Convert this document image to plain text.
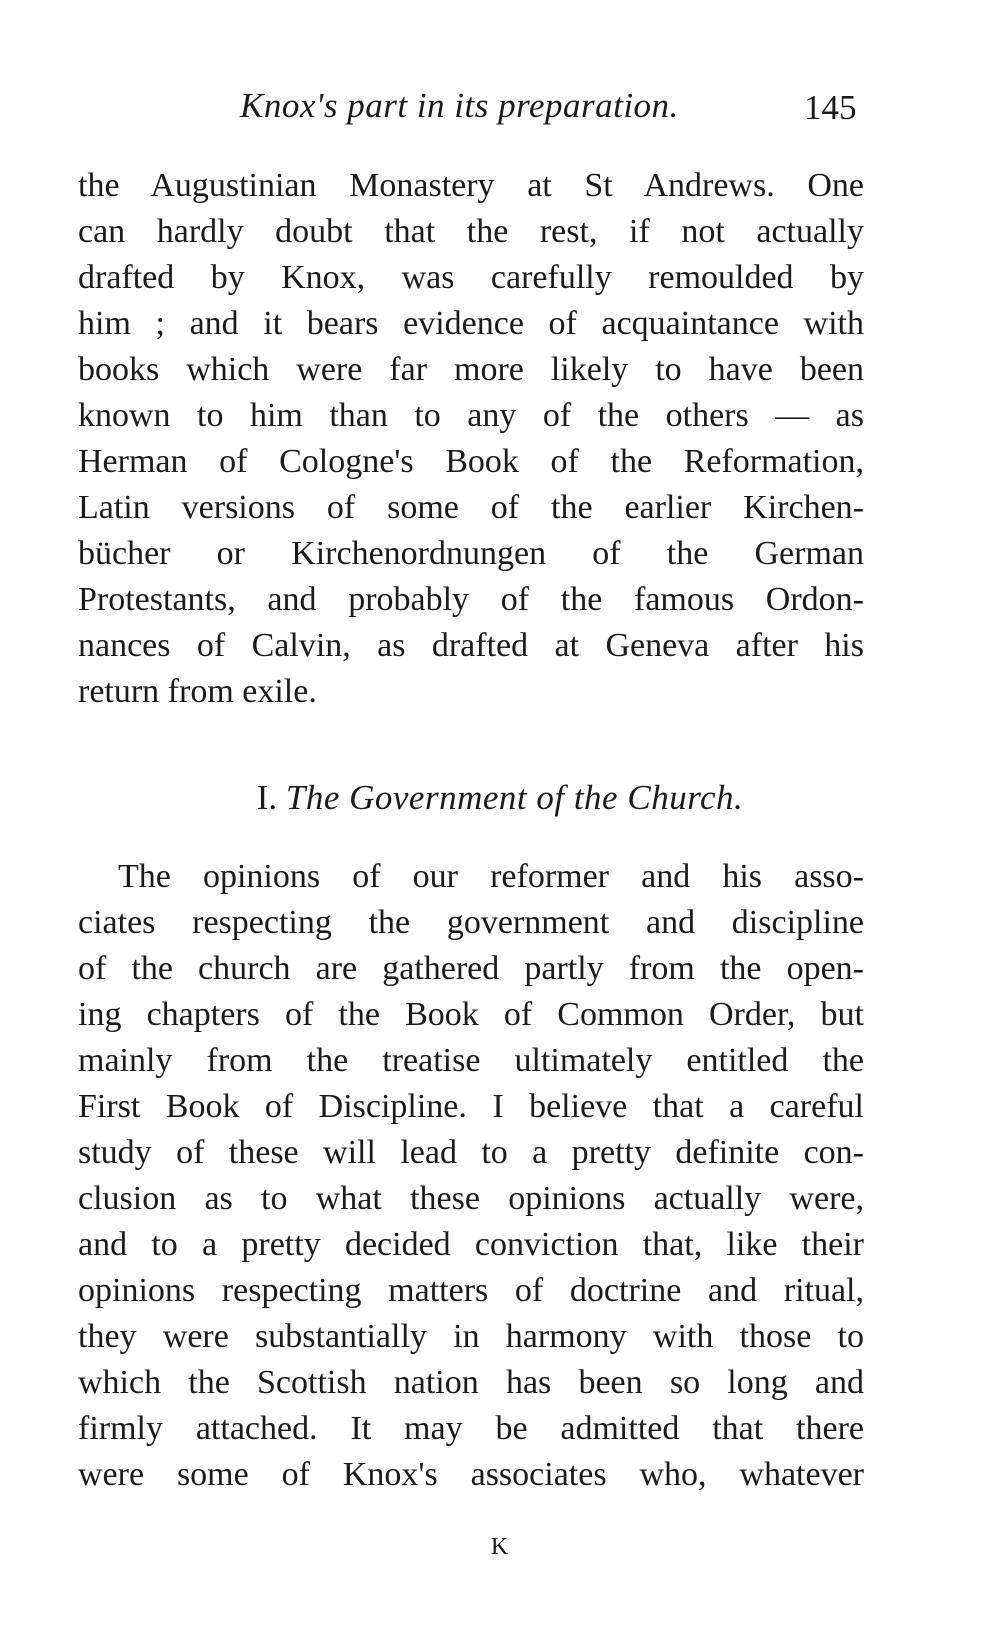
Knox's part in its preparation.	145
the Augustinian Monastery at St Andrews. One
can hardly doubt that the rest, if not actually
drafted by Knox, was carefully remoulded by
him ; and it bears evidence of acquaintance with
books which were far more likely to have been
known to him than to any of the others — as
Herman of Cologne's Book of the Reformation,
Latin versions of some of the earlier Kirchen-
bücher or Kirchenordnungen of the German
Protestants, and probably of the famous Ordon-
nances of Calvin, as drafted at Geneva after his
return from exile.
I. The Government of the Church.
The opinions of our reformer and his asso-
ciates respecting the government and discipline
of the church are gathered partly from the open-
ing chapters of the Book of Common Order, but
mainly from the treatise ultimately entitled the
First Book of Discipline. I believe that a careful
study of these will lead to a pretty definite con-
clusion as to what these opinions actually were,
and to a pretty decided conviction that, like their
opinions respecting matters of doctrine and ritual,
they were substantially in harmony with those to
which the Scottish nation has been so long and
firmly attached. It may be admitted that there
were some of Knox's associates who, whatever
K
